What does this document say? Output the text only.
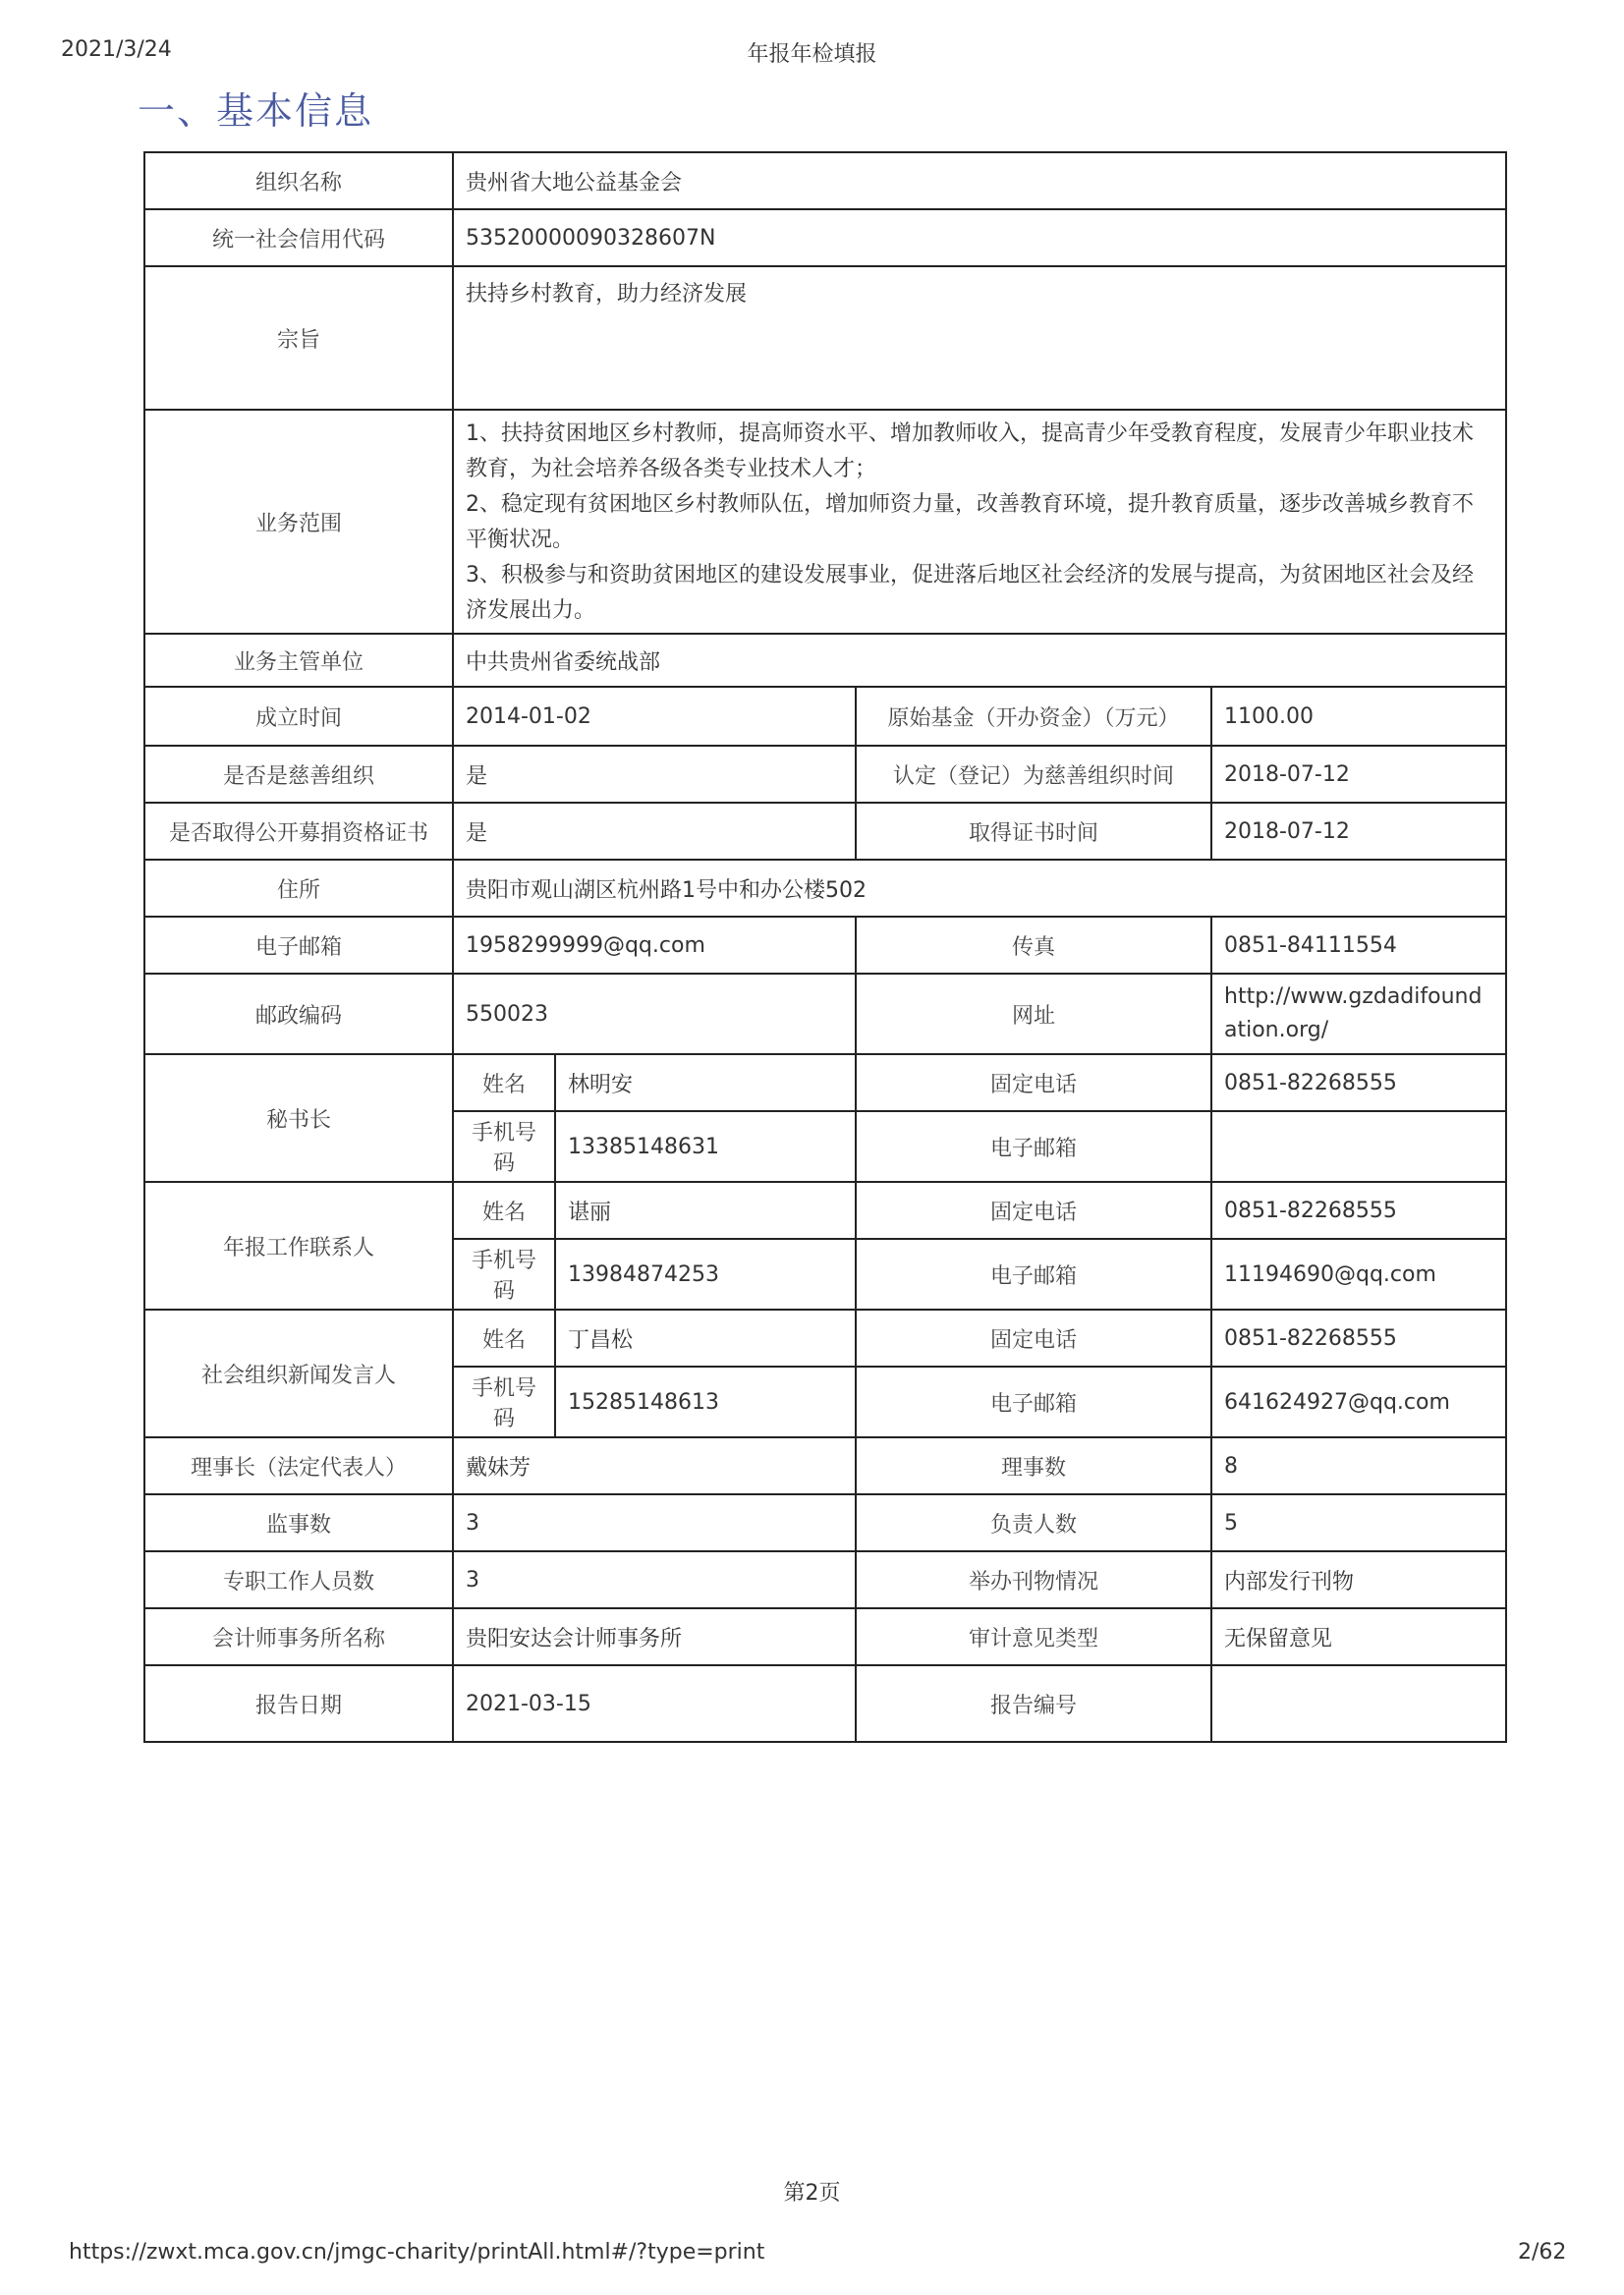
2021/3/24	年报年检填报
一、基本信息
组织名称	贵州省大地公益基金会			
统一社会信用代码	53520000090328607N			
宗旨	扶持乡村教育，助力经济发展			
业务范围	1、扶持贫困地区乡村教师，提高师资水平、增加教师收入，提高青少年受教育程度，发展青少年职业技术教育，为社会培养各级各类专业技术人才；
2、稳定现有贫困地区乡村教师队伍，增加师资力量，改善教育环境，提升教育质量，逐步改善城乡教育不平衡状况。
3、积极参与和资助贫困地区的建设发展事业，促进落后地区社会经济的发展与提高，为贫困地区社会及经济发展出力。			

业务主管单位	中共贵州省委统战部			
成立时间	2014-01-02		原始基金（开办资金）（万元）	1100.00
是否是慈善组织	是		认定（登记）为慈善组织时间	2018-07-12
是否取得公开募捐资格证书	是		取得证书时间	2018-07-12
住所	贵阳市观山湖区杭州路1号中和办公楼502			
电子邮箱	1958299999@qq.com		传真	0851-84111554
邮政编码	550023		网址	http://www.gzdadifoundation.org/
秘书长	姓名	林明安	固定电话	0851-82268555
	手机号码	13385148631	电子邮箱	
年报工作联系人	姓名	谌丽	固定电话	0851-82268555
	手机号码	13984874253	电子邮箱	11194690@qq.com
社会组织新闻发言人	姓名	丁昌松	固定电话	0851-82268555
	手机号码	15285148613	电子邮箱	641624927@qq.com
理事长（法定代表人）	戴妹芳		理事数	8
监事数	3		负责人数	5
专职工作人员数	3		举办刊物情况	内部发行刊物
会计师事务所名称	贵阳安达会计师事务所		审计意见类型	无保留意见
报告日期	2021-03-15		报告编号	
第2页
https://zwxt.mca.gov.cn/jmgc-charity/printAll.html#/?type=print	2/62
